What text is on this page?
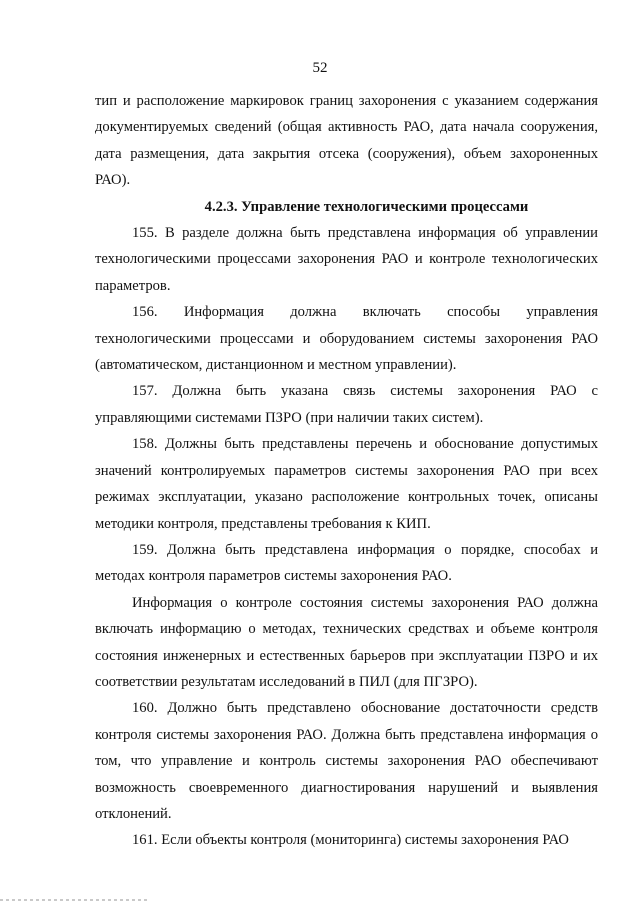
52

тип и расположение маркировок границ захоронения с указанием содержания документируемых сведений (общая активность РАО, дата начала сооружения, дата размещения, дата закрытия отсека (сооружения), объем захороненных РАО).

4.2.3. Управление технологическими процессами

155. В разделе должна быть представлена информация об управлении технологическими процессами захоронения РАО и контроле технологических параметров.

156. Информация должна включать способы управления технологическими процессами и оборудованием системы захоронения РАО (автоматическом, дистанционном и местном управлении).

157. Должна быть указана связь системы захоронения РАО с управляющими системами ПЗРО (при наличии таких систем).

158. Должны быть представлены перечень и обоснование допустимых значений контролируемых параметров системы захоронения РАО при всех режимах эксплуатации, указано расположение контрольных точек, описаны методики контроля, представлены требования к КИП.

159. Должна быть представлена информация о порядке, способах и методах контроля параметров системы захоронения РАО.

Информация о контроле состояния системы захоронения РАО должна включать информацию о методах, технических средствах и объеме контроля состояния инженерных и естественных барьеров при эксплуатации ПЗРО и их соответствии результатам исследований в ПИЛ (для ПГЗРО).

160. Должно быть представлено обоснование достаточности средств контроля системы захоронения РАО. Должна быть представлена информация о том, что управление и контроль системы захоронения РАО обеспечивают возможность своевременного диагностирования нарушений и выявления отклонений.

161. Если объекты контроля (мониторинга) системы захоронения РАО
